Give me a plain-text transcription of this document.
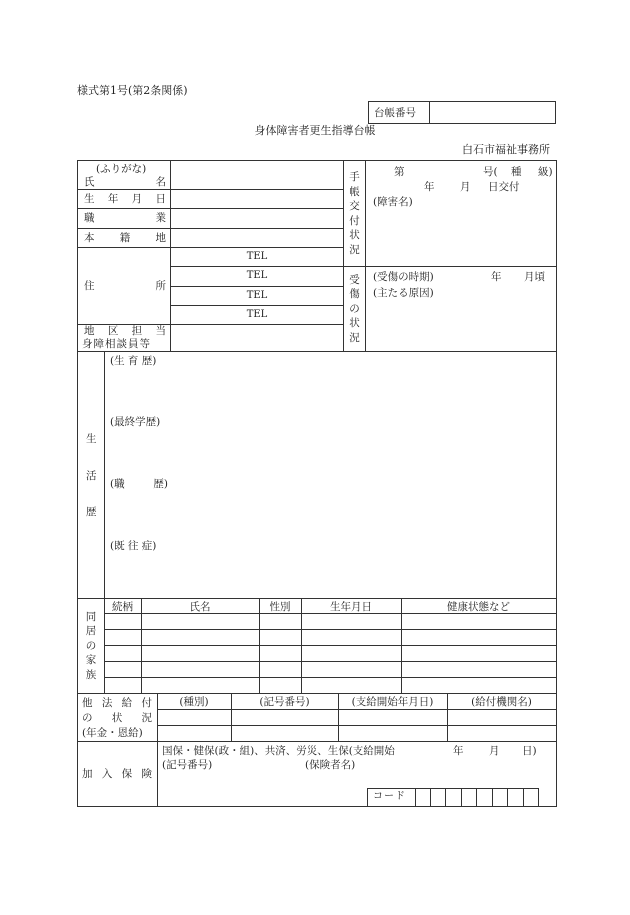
様式第1号(第2条関係)
台帳番号
身体障害者更生指導台帳
白石市福祉事務所
(ふりがな)
氏	名
生 年 月 日
職	業
本 籍 地
住	所
TEL
TEL
TEL
TEL
地 区 担 当
身障相談員等
手
帳
交
付
状
況
第	号( 種 級)
年 月 日交付
(障害名)
受
傷
の
状
況
(受傷の時期)	年 月頃
(主たる原因)
生
活
歴
(生 育 歴)
(最終学歴)
(職	歴)
(既 往 症)
同
居
の
家
族
続柄	氏名	性別	生年月日	健康状態など
他 法 給 付
の 状 況
(年金・恩給)
(種別)	(記号番号)	(支給開始年月日)	(給付機関名)
加 入 保 険
国保・健保(政・組)、共済、労災、生保(支給開始	年 月 日)
(記号番号)	(保険者名)
コード
